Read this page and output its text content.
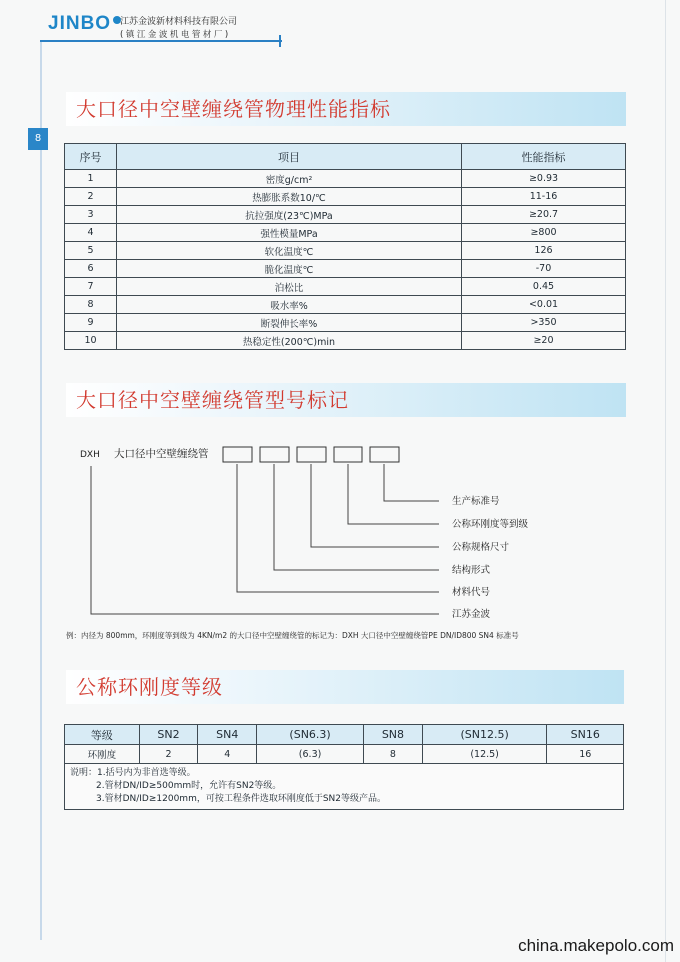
JINBO 江苏金波新材料科技有限公司
(镇江金波机电管材厂)
8
大口径中空壁缠绕管物理性能指标
序号	项目	性能指标
1	密度g/cm²	≥0.93
2	热膨胀系数10/℃	11-16
3	抗拉强度(23℃)MPa	≥20.7
4	强性模量MPa	≥800
5	软化温度℃	126
6	脆化温度℃	-70
7	泊松比	0.45
8	吸水率%	<0.01
9	断裂伸长率%	>350
10	热稳定性(200℃)min	≥20
大口径中空壁缠绕管型号标记
DXH 大口径中空壁缠绕管
生产标准号
公称环刚度等到级
公称规格尺寸
结构形式
材料代号
江苏金波
例：内径为 800mm，环刚度等到级为 4KN/m2 的大口径中空壁缠绕管的标记为：DXH 大口径中空壁缠绕管PE DN/ID800 SN4 标准号
公称环刚度等级
等级	SN2	SN4	(SN6.3)	SN8	(SN12.5)	SN16
环刚度	2	4	(6.3)	8	(12.5)	16

说明：1.括号内为非首选等级。
2.管材DN/ID≥500mm时，允许有SN2等级。
3.管材DN/ID≥1200mm，可按工程条件选取环刚度低于SN2等级产品。						
china.makepolo.com
